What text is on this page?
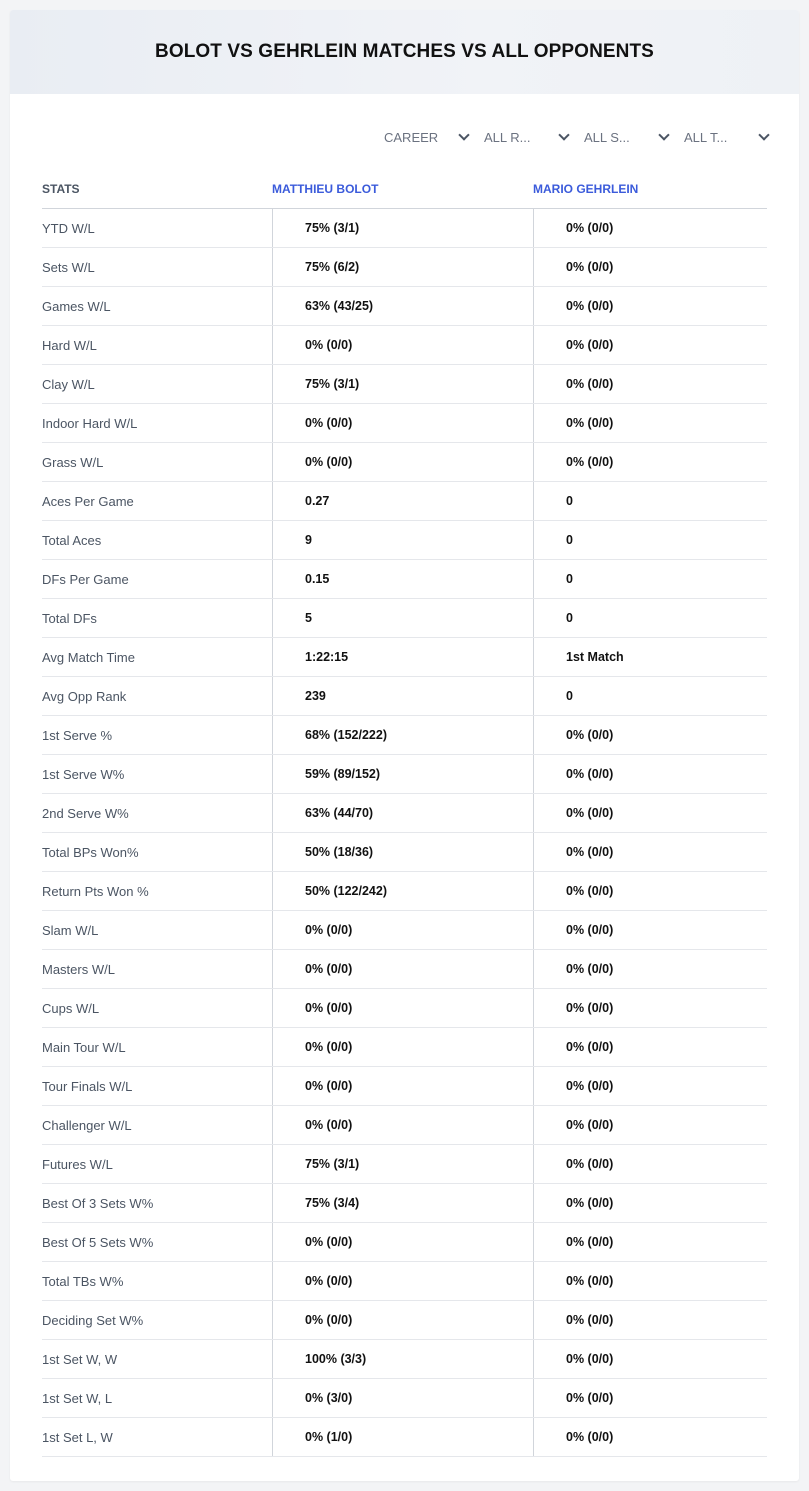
BOLOT VS GEHRLEIN MATCHES VS ALL OPPONENTS
CAREER	ALL R...	ALL S...	ALL T...
STATS	MATTHIEU BOLOT	MARIO GEHRLEIN
YTD W/L	75% (3/1)	0% (0/0)
Sets W/L	75% (6/2)	0% (0/0)
Games W/L	63% (43/25)	0% (0/0)
Hard W/L	0% (0/0)	0% (0/0)
Clay W/L	75% (3/1)	0% (0/0)
Indoor Hard W/L	0% (0/0)	0% (0/0)
Grass W/L	0% (0/0)	0% (0/0)
Aces Per Game	0.27	0
Total Aces	9	0
DFs Per Game	0.15	0
Total DFs	5	0
Avg Match Time	1:22:15	1st Match
Avg Opp Rank	239	0
1st Serve %	68% (152/222)	0% (0/0)
1st Serve W%	59% (89/152)	0% (0/0)
2nd Serve W%	63% (44/70)	0% (0/0)
Total BPs Won%	50% (18/36)	0% (0/0)
Return Pts Won %	50% (122/242)	0% (0/0)
Slam W/L	0% (0/0)	0% (0/0)
Masters W/L	0% (0/0)	0% (0/0)
Cups W/L	0% (0/0)	0% (0/0)
Main Tour W/L	0% (0/0)	0% (0/0)
Tour Finals W/L	0% (0/0)	0% (0/0)
Challenger W/L	0% (0/0)	0% (0/0)
Futures W/L	75% (3/1)	0% (0/0)
Best Of 3 Sets W%	75% (3/4)	0% (0/0)
Best Of 5 Sets W%	0% (0/0)	0% (0/0)
Total TBs W%	0% (0/0)	0% (0/0)
Deciding Set W%	0% (0/0)	0% (0/0)
1st Set W, W	100% (3/3)	0% (0/0)
1st Set W, L	0% (3/0)	0% (0/0)
1st Set L, W	0% (1/0)	0% (0/0)
